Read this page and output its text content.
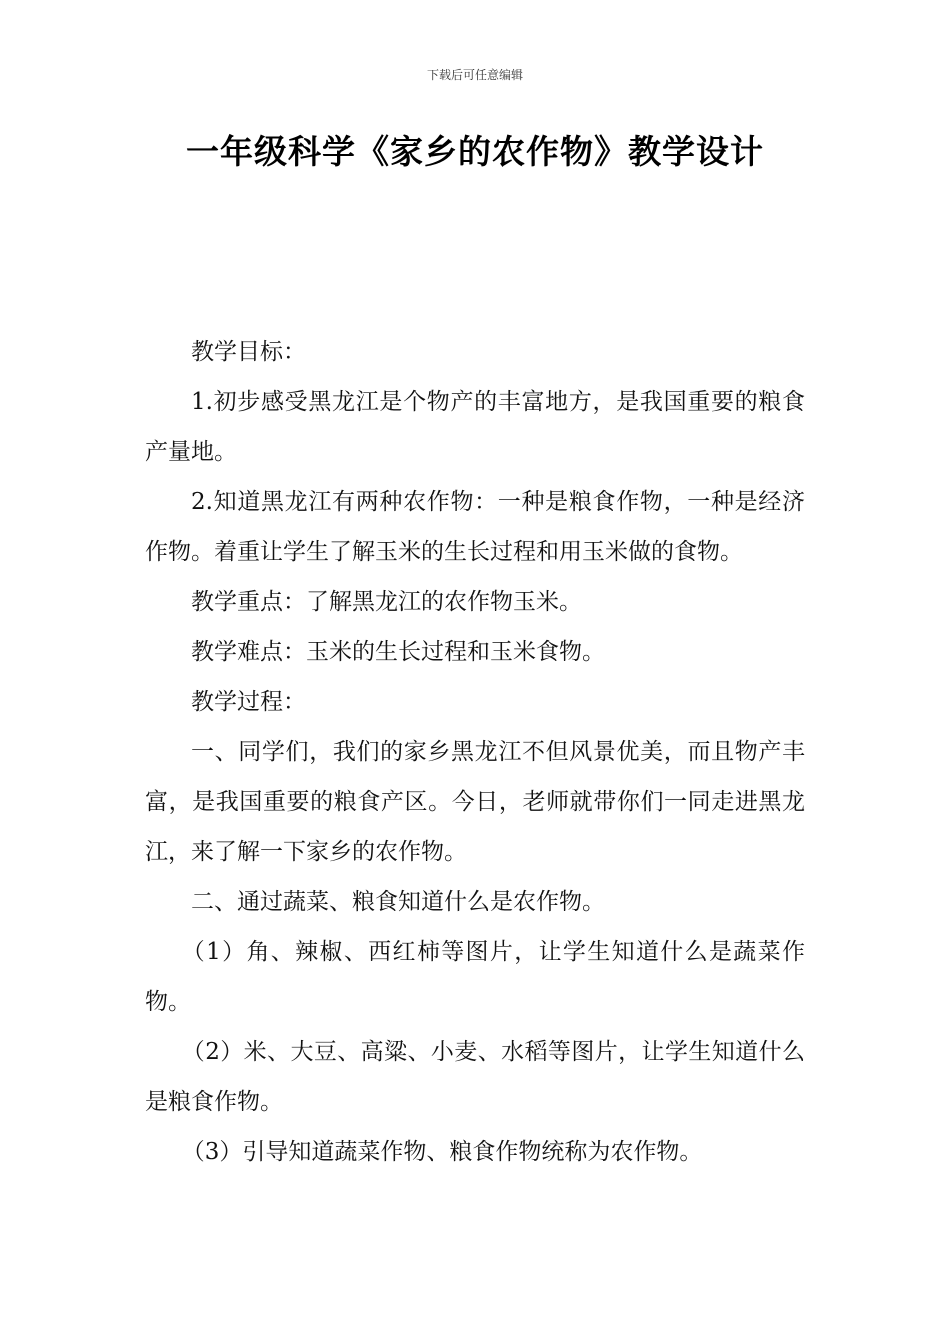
下载后可任意编辑
一年级科学《家乡的农作物》教学设计

教学目标：

1.初步感受黑龙江是个物产的丰富地方，是我国重要的粮食产量地。

2.知道黑龙江有两种农作物：一种是粮食作物，一种是经济作物。着重让学生了解玉米的生长过程和用玉米做的食物。

教学重点：了解黑龙江的农作物玉米。

教学难点：玉米的生长过程和玉米食物。

教学过程：

一、同学们，我们的家乡黑龙江不但风景优美，而且物产丰富，是我国重要的粮食产区。今日，老师就带你们一同走进黑龙江，来了解一下家乡的农作物。

二、通过蔬菜、粮食知道什么是农作物。

（1）角、辣椒、西红柿等图片，让学生知道什么是蔬菜作物。

（2）米、大豆、高粱、小麦、水稻等图片，让学生知道什么是粮食作物。

（3）引导知道蔬菜作物、粮食作物统称为农作物。
